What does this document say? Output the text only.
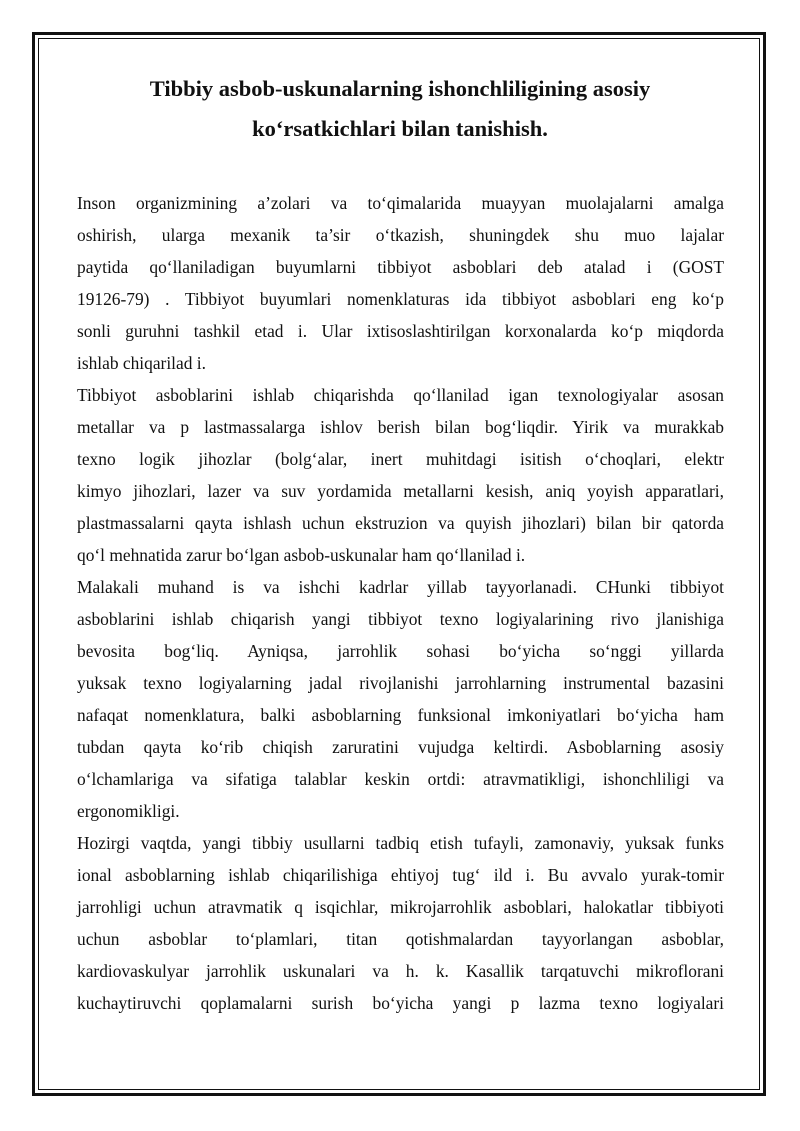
Tibbiy asbob-uskunalarning ishonchliligining asosiy
ko‘rsatkichlari bilan tanishish.
Inson organizmining a’zolari va to‘qimalarida muayyan muolajalarni amalga
oshirish, ularga mexanik ta’sir o‘tkazish, shuningdek shu muo lajalar
paytida qo‘llaniladigan buyumlarni tibbiyot asboblari deb atalad i (GOST
19126-79) . Tibbiyot buyumlari nomenklaturas ida tibbiyot asboblari eng ko‘p
sonli guruhni tashkil etad i. Ular ixtisoslashtirilgan korxonalarda ko‘p miqdorda
ishlab chiqarilad i.
Tibbiyot asboblarini ishlab chiqarishda qo‘llanilad igan texnologiyalar asosan
metallar va p lastmassalarga ishlov berish bilan bog‘liqdir. Yirik va murakkab
texno logik jihozlar (bolg‘alar, inert muhitdagi isitish o‘choqlari, elektr
kimyo jihozlari, lazer va suv yordamida metallarni kesish, aniq yoyish apparatlari,
plastmassalarni qayta ishlash uchun ekstruzion va quyish jihozlari) bilan bir qatorda
qo‘l mehnatida zarur bo‘lgan asbob-uskunalar ham qo‘llanilad i.
Malakali muhand is va ishchi kadrlar yillab tayyorlanadi. CHunki tibbiyot
asboblarini ishlab chiqarish yangi tibbiyot texno logiyalarining rivo jlanishiga
bevosita bog‘liq. Ayniqsa, jarrohlik sohasi bo‘yicha so‘nggi yillarda
yuksak texno logiyalarning jadal rivojlanishi jarrohlarning instrumental bazasini
nafaqat nomenklatura, balki asboblarning funksional imkoniyatlari bo‘yicha ham
tubdan qayta ko‘rib chiqish zaruratini vujudga keltirdi. Asboblarning asosiy
o‘lchamlariga va sifatiga talablar keskin ortdi: atravmatikligi, ishonchliligi va
ergonomikligi.
Hozirgi vaqtda, yangi tibbiy usullarni tadbiq etish tufayli, zamonaviy, yuksak funks
ional asboblarning ishlab chiqarilishiga ehtiyoj tug‘ ild i. Bu avvalo yurak-tomir
jarrohligi uchun atravmatik q isqichlar, mikrojarrohlik asboblari, halokatlar tibbiyoti
uchun asboblar to‘plamlari, titan qotishmalardan tayyorlangan asboblar,
kardiovaskulyar jarrohlik uskunalari va h. k. Kasallik tarqatuvchi mikroflorani
kuchaytiruvchi qoplamalarni surish bo‘yicha yangi p lazma texno logiyalari
